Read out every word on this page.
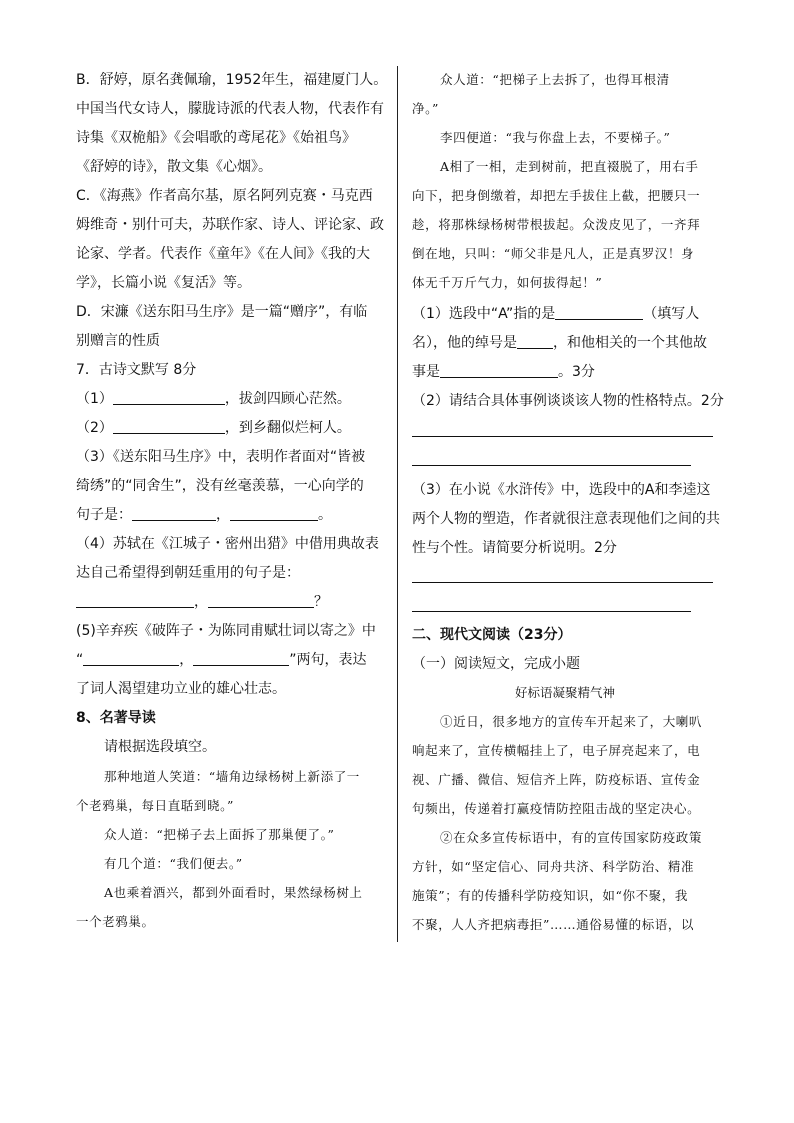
B．舒婷，原名龚佩瑜，1952年生，福建厦门人。
中国当代女诗人，朦胧诗派的代表人物，代表作有
诗集《双桅船》《会唱歌的鸢尾花》《始祖鸟》
《舒婷的诗》，散文集《心烟》。
C．《海燕》作者高尔基，原名阿列克赛・马克西
姆维奇・别什可夫，苏联作家、诗人、评论家、政
论家、学者。代表作《童年》《在人间》《我的大
学》，长篇小说《复活》等。
D．宋濂《送东阳马生序》是一篇“赠序”，有临
别赠言的性质
7．古诗文默写 8分
（1）	，拔剑四顾心茫然。
（2）	，到乡翻似烂柯人。
（3）《送东阳马生序》中，表明作者面对“皆被
绮绣”的“同舍生”，没有丝毫羡慕，一心向学的
句子是：	，	。
（4）苏轼在《江城子・密州出猎》中借用典故表
达自己希望得到朝廷重用的句子是：
，	？
(5)辛弃疾《破阵子・为陈同甫赋壮词以寄之》中
“	，	”两句，表达
了词人渴望建功立业的雄心壮志。
8、名著导读
请根据选段填空。
那种地道人笑道：“墙角边绿杨树上新添了一
个老鸦巢，每日直聒到晓。”
众人道：“把梯子去上面拆了那巢便了。”
有几个道：“我们便去。”
A也乘着酒兴，都到外面看时，果然绿杨树上
一个老鸦巢。
众人道：“把梯子上去拆了，也得耳根清
净。”
李四便道：“我与你盘上去，不要梯子。”
A相了一相，走到树前，把直裰脱了，用右手
向下，把身倒缴着，却把左手拔住上截，把腰只一
趁，将那株绿杨树带根拔起。众泼皮见了，一齐拜
倒在地，只叫：“师父非是凡人，正是真罗汉！身
体无千万斤气力，如何拔得起！”
（1）选段中“A”指的是	（填写人
名），他的绰号是	，和他相关的一个其他故
事是	。3分
（2）请结合具体事例谈谈该人物的性格特点。2分
（3）在小说《水浒传》中，选段中的A和李逵这
两个人物的塑造，作者就很注意表现他们之间的共
性与个性。请简要分析说明。2分
二、现代文阅读（23分）
（一）阅读短文，完成小题
好标语凝聚精气神
①近日，很多地方的宣传车开起来了，大喇叭
响起来了，宣传横幅挂上了，电子屏亮起来了，电
视、广播、微信、短信齐上阵，防疫标语、宣传金
句频出，传递着打赢疫情防控阻击战的坚定决心。
②在众多宣传标语中，有的宣传国家防疫政策
方针，如“坚定信心、同舟共济、科学防治、精准
施策”；有的传播科学防疫知识，如“你不聚，我
不聚，人人齐把病毒拒”……通俗易懂的标语，以
